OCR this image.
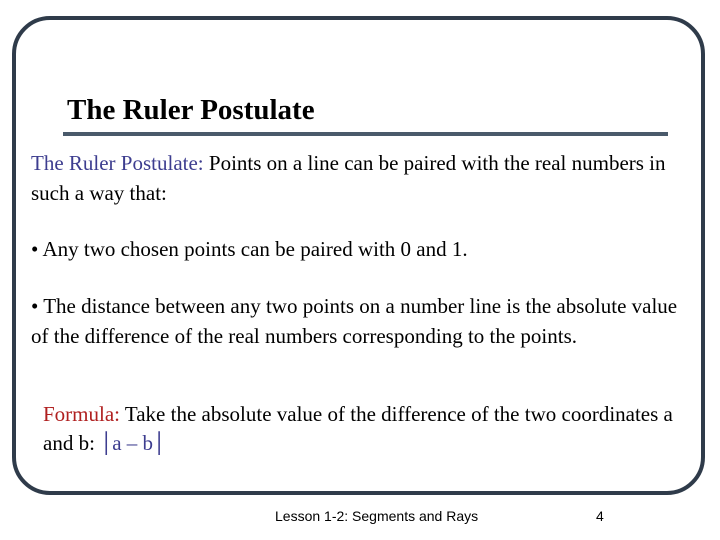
The Ruler Postulate

The Ruler Postulate: Points on a line can be paired with the real numbers in such a way that:

• Any two chosen points can be paired with 0 and 1.

• The distance between any two points on a number line is the absolute value of the difference of the real numbers corresponding to the points.

Formula: Take the absolute value of the difference of the two coordinates a and b: │a – b│

Lesson 1-2: Segments and Rays	4
